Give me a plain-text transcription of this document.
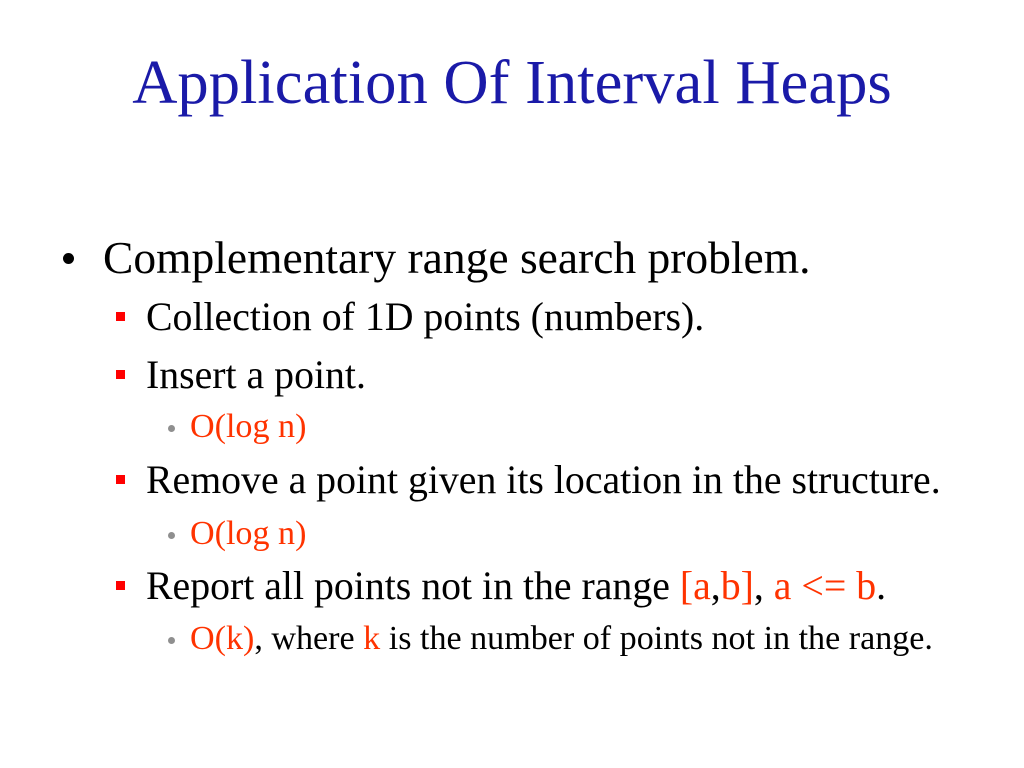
Application Of Interval Heaps
Complementary range search problem.
Collection of 1D points (numbers).
Insert a point.
O(log n)
Remove a point given its location in the structure.
O(log n)
Report all points not in the range [a,b], a <= b.
O(k), where k is the number of points not in the range.
